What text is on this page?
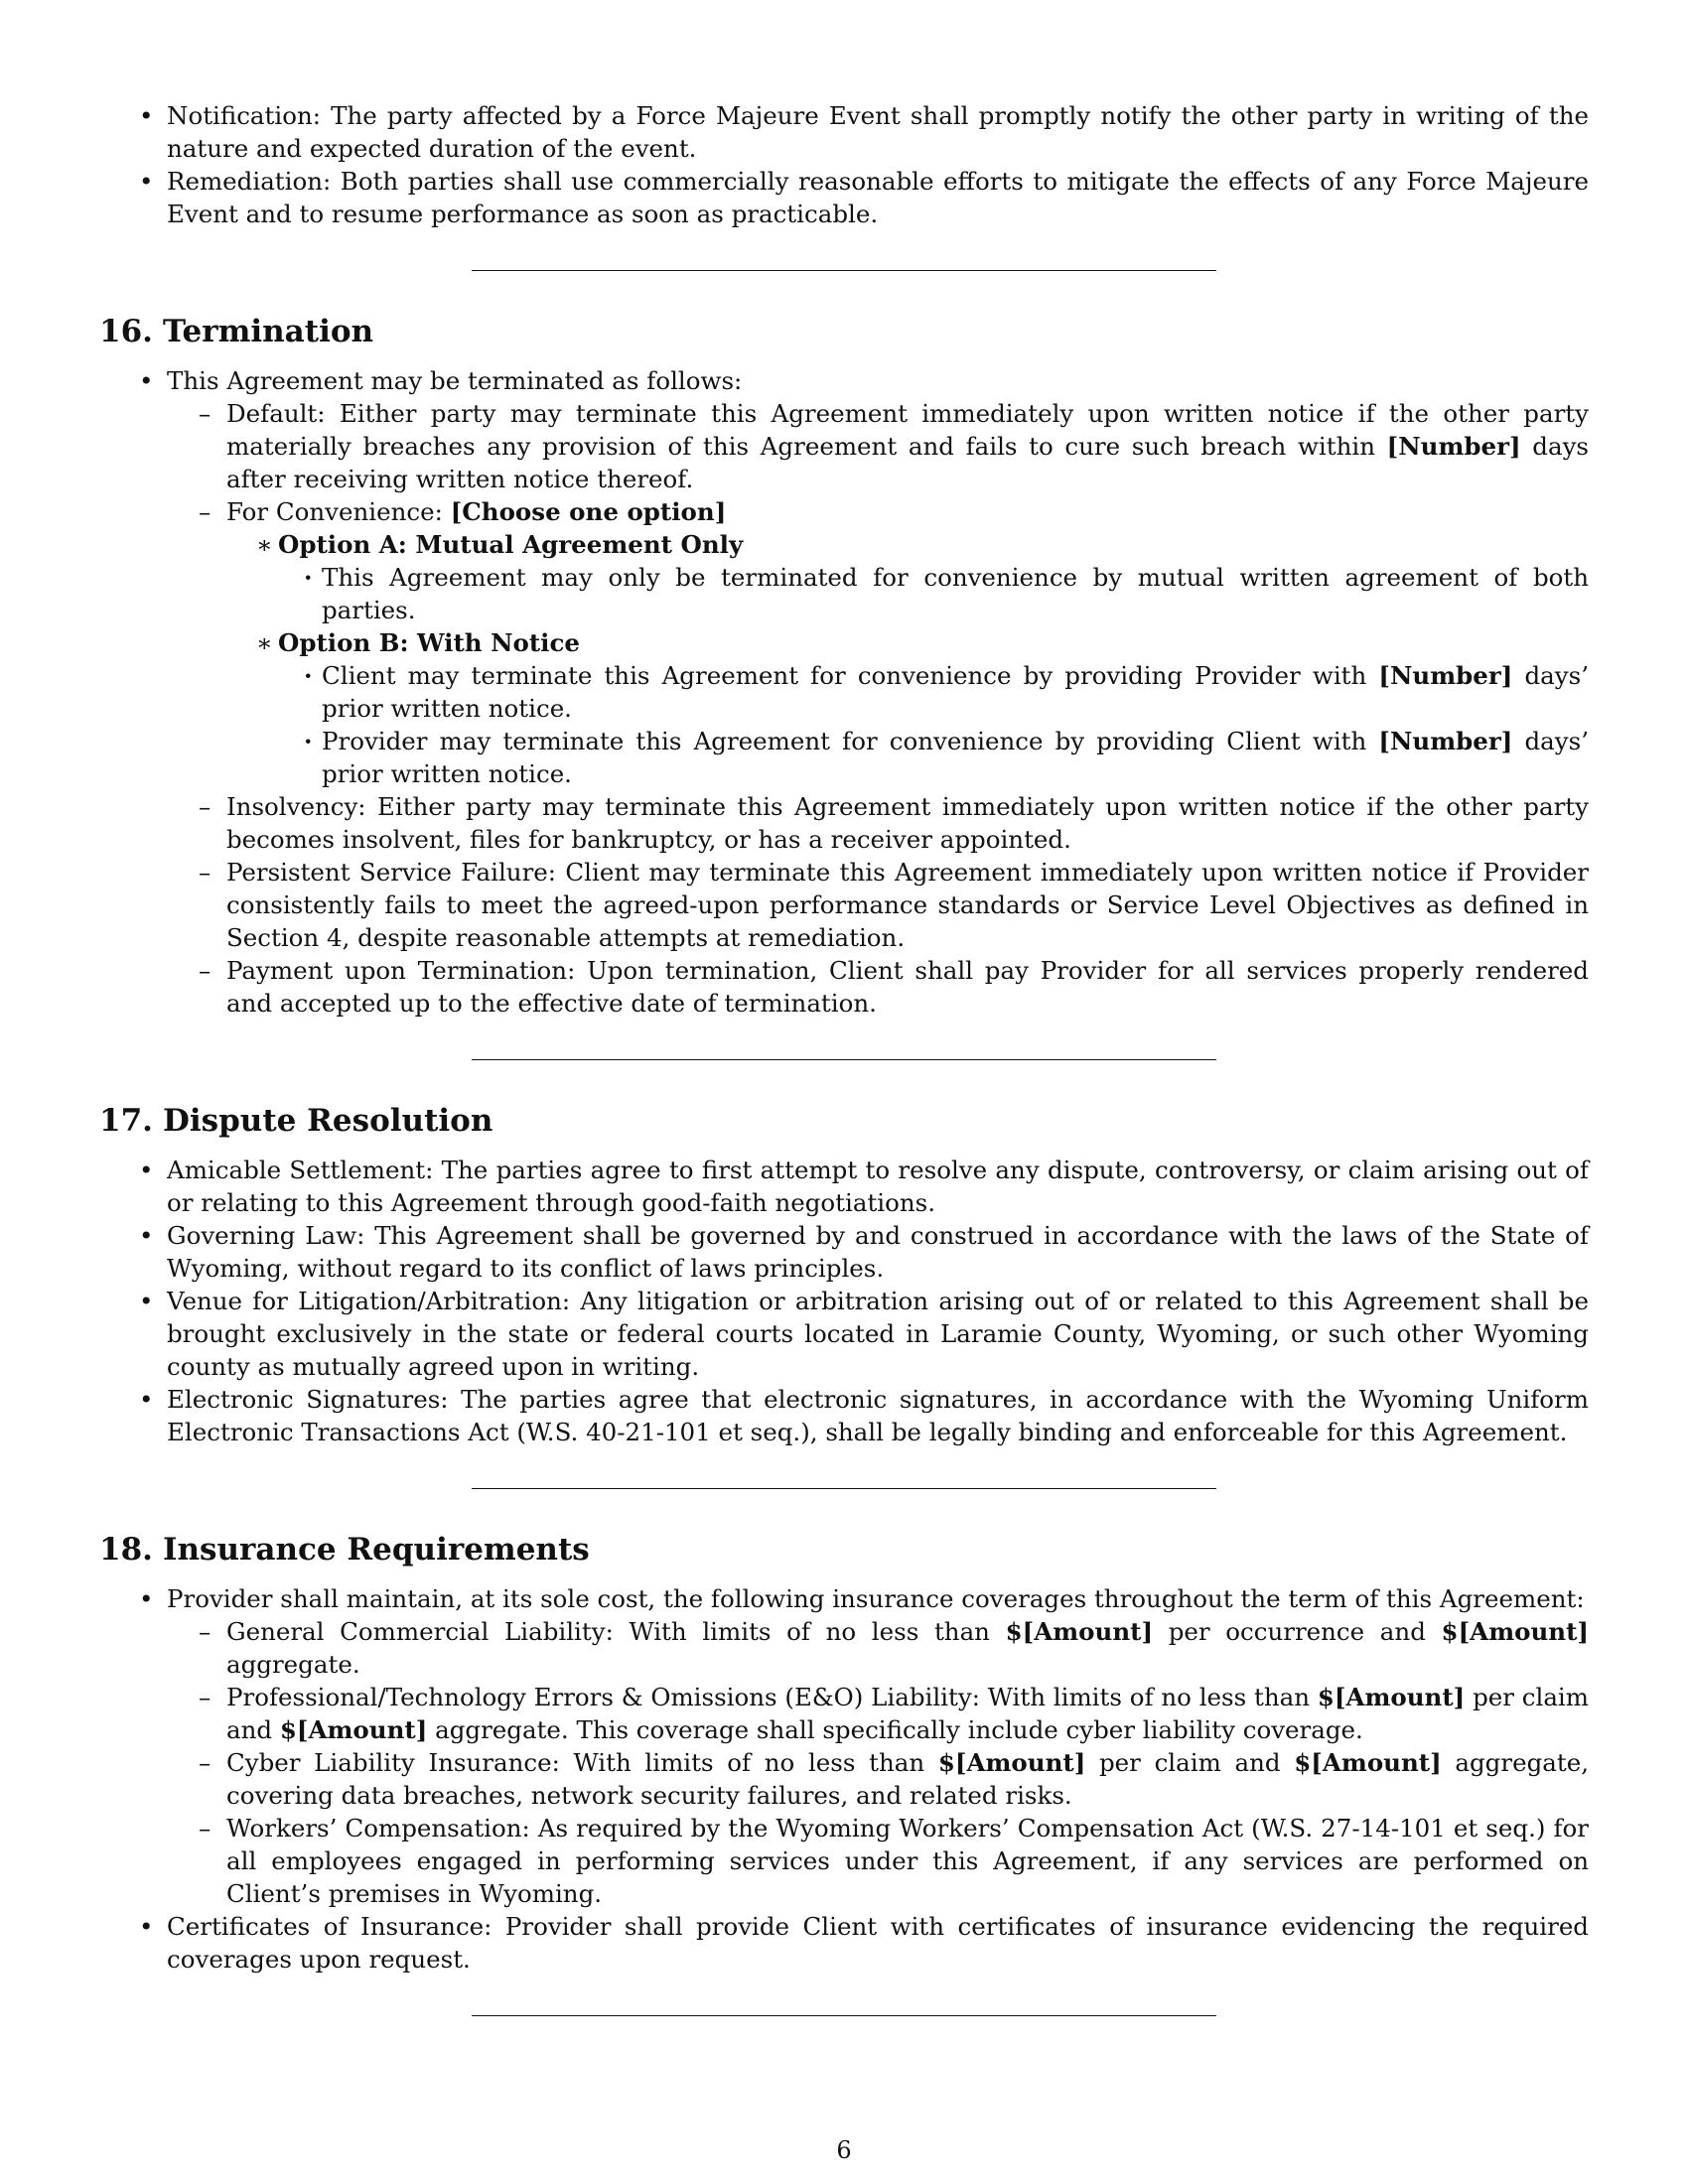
• Notification: The party affected by a Force Majeure Event shall promptly notify the other party in writing of the nature and expected duration of the event.
• Remediation: Both parties shall use commercially reasonable efforts to mitigate the effects of any Force Majeure Event and to resume performance as soon as practicable.
16. Termination
• This Agreement may be terminated as follows:
– Default: Either party may terminate this Agreement immediately upon written notice if the other party materially breaches any provision of this Agreement and fails to cure such breach within [Number] days after receiving written notice thereof.
– For Convenience: [Choose one option]
∗ Option A: Mutual Agreement Only
· This Agreement may only be terminated for convenience by mutual written agreement of both parties.
∗ Option B: With Notice
· Client may terminate this Agreement for convenience by providing Provider with [Number] days’ prior written notice.
· Provider may terminate this Agreement for convenience by providing Client with [Number] days’ prior written notice.
– Insolvency: Either party may terminate this Agreement immediately upon written notice if the other party becomes insolvent, files for bankruptcy, or has a receiver appointed.
– Persistent Service Failure: Client may terminate this Agreement immediately upon written notice if Provider consistently fails to meet the agreed-upon performance standards or Service Level Objectives as defined in Section 4, despite reasonable attempts at remediation.
– Payment upon Termination: Upon termination, Client shall pay Provider for all services properly rendered and accepted up to the effective date of termination.
17. Dispute Resolution
• Amicable Settlement: The parties agree to first attempt to resolve any dispute, controversy, or claim arising out of or relating to this Agreement through good-faith negotiations.
• Governing Law: This Agreement shall be governed by and construed in accordance with the laws of the State of Wyoming, without regard to its conflict of laws principles.
• Venue for Litigation/Arbitration: Any litigation or arbitration arising out of or related to this Agreement shall be brought exclusively in the state or federal courts located in Laramie County, Wyoming, or such other Wyoming county as mutually agreed upon in writing.
• Electronic Signatures: The parties agree that electronic signatures, in accordance with the Wyoming Uniform Electronic Transactions Act (W.S. 40-21-101 et seq.), shall be legally binding and enforceable for this Agreement.
18. Insurance Requirements
• Provider shall maintain, at its sole cost, the following insurance coverages throughout the term of this Agreement:
– General Commercial Liability: With limits of no less than $[Amount] per occurrence and $[Amount] aggregate.
– Professional/Technology Errors & Omissions (E&O) Liability: With limits of no less than $[Amount] per claim and $[Amount] aggregate. This coverage shall specifically include cyber liability coverage.
– Cyber Liability Insurance: With limits of no less than $[Amount] per claim and $[Amount] aggregate, covering data breaches, network security failures, and related risks.
– Workers’ Compensation: As required by the Wyoming Workers’ Compensation Act (W.S. 27-14-101 et seq.) for all employees engaged in performing services under this Agreement, if any services are performed on Client’s premises in Wyoming.
• Certificates of Insurance: Provider shall provide Client with certificates of insurance evidencing the required coverages upon request.
6
